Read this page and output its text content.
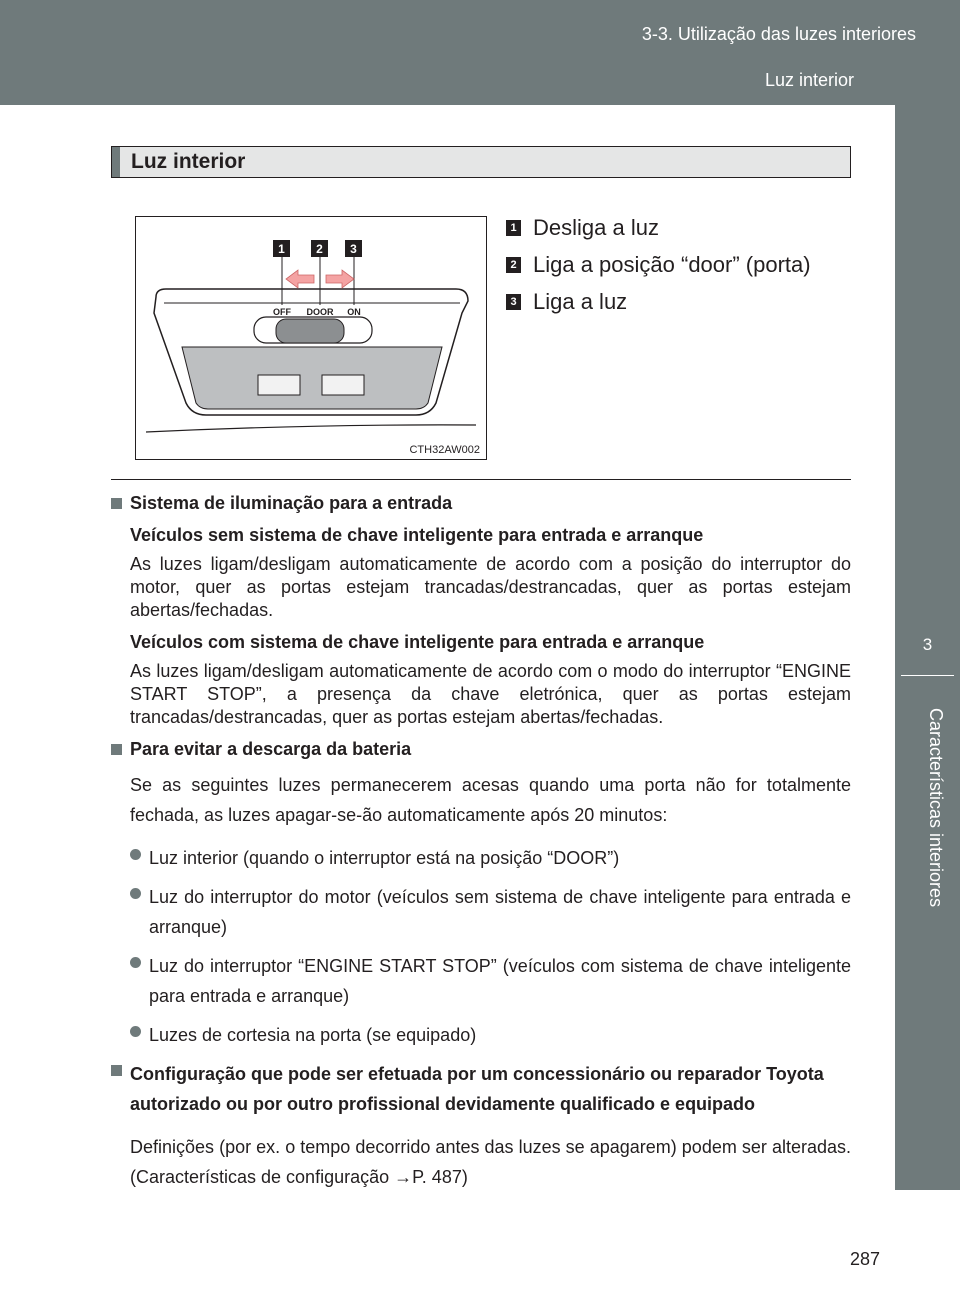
3-3. Utilização das luzes interiores
Luz interior
3
Características interiores
Luz interior
OFF DOOR ON
1	2 3
CTH32AW002
1 Desliga a luz
2 Liga a posição “door” (porta)
3 Liga a luz
Sistema de iluminação para a entrada
Veículos sem sistema de chave inteligente para entrada e arranque
As luzes ligam/desligam automaticamente de acordo com a posição do interruptor do motor, quer as portas estejam trancadas/destrancadas, quer as portas estejam abertas/fechadas.
Veículos com sistema de chave inteligente para entrada e arranque
As luzes ligam/desligam automaticamente de acordo com o modo do interruptor “ENGINE START STOP”, a presença da chave eletrónica, quer as portas estejam trancadas/destrancadas, quer as portas estejam abertas/fechadas.
Para evitar a descarga da bateria
Se as seguintes luzes permanecerem acesas quando uma porta não for totalmente fechada, as luzes apagar-se-ão automaticamente após 20 minutos:
Luz interior (quando o interruptor está na posição “DOOR”)
Luz do interruptor do motor (veículos sem sistema de chave inteligente para entrada e arranque)
Luz do interruptor “ENGINE START STOP” (veículos com sistema de chave inteligente para entrada e arranque)
Luzes de cortesia na porta (se equipado)
Configuração que pode ser efetuada por um concessionário ou reparador Toyota autorizado ou por outro profissional devidamente qualificado e equipado
Definições (por ex. o tempo decorrido antes das luzes se apagarem) podem ser alteradas. (Características de configuração →P. 487)
287
